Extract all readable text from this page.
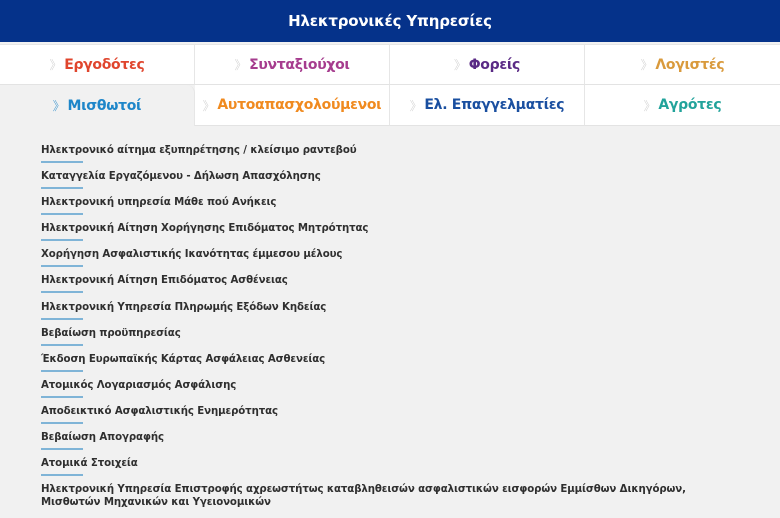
Ηλεκτρονικές Υπηρεσίες
》 Εργοδότες	》 Συνταξιούχοι	》 Φορείς	》 Λογιστές
》 Μισθωτοί	》 Αυτοαπασχολούμενοι 》 Ελ. Επαγγελματίες	》 Αγρότες
Ηλεκτρονικό αίτημα εξυπηρέτησης / κλείσιμο ραντεβού
Καταγγελία Εργαζόμενου - Δήλωση Απασχόλησης
Ηλεκτρονική υπηρεσία Μάθε πού Ανήκεις
Ηλεκτρονική Αίτηση Χορήγησης Επιδόματος Μητρότητας
Χορήγηση Ασφαλιστικής Ικανότητας έμμεσου μέλους
Ηλεκτρονική Αίτηση Επιδόματος Ασθένειας
Ηλεκτρονική Υπηρεσία Πληρωμής Εξόδων Κηδείας
Βεβαίωση προϋπηρεσίας
Έκδοση Ευρωπαϊκής Κάρτας Ασφάλειας Ασθενείας
Ατομικός Λογαριασμός Ασφάλισης
Αποδεικτικό Ασφαλιστικής Ενημερότητας
Βεβαίωση Απογραφής
Ατομικά Στοιχεία
Ηλεκτρονική Υπηρεσία Επιστροφής αχρεωστήτως καταβληθεισών ασφαλιστικών εισφορών Εμμίσθων Δικηγόρων, Μισθωτών Μηχανικών και Υγειονομικών
